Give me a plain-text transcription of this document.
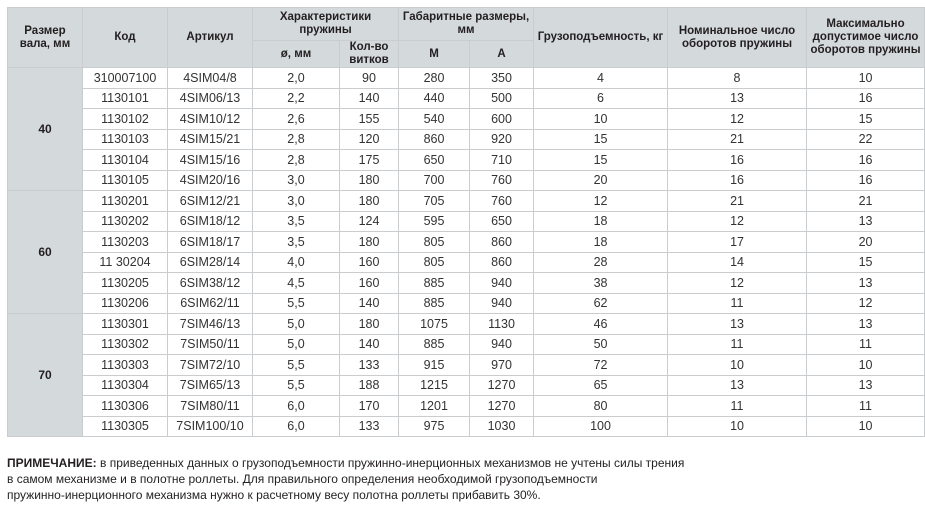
Размер вала, мм	Код	Артикул	Характеристики пружины		Габаритные размеры, мм		Грузоподъемность, кг	Номинальное число оборотов пружины	Максимально допустимое число оборотов пружины
			ø, мм	Кол-во витков	М	А			
40	310007100	4SIM04/8	2,0	90	280	350	4	8	10
	1130101	4SIM06/13	2,2	140	440	500	6	13	16
	1130102	4SIM10/12	2,6	155	540	600	10	12	15
	1130103	4SIM15/21	2,8	120	860	920	15	21	22
	1130104	4SIM15/16	2,8	175	650	710	15	16	16
	1130105	4SIM20/16	3,0	180	700	760	20	16	16
60	1130201	6SIM12/21	3,0	180	705	760	12	21	21
	1130202	6SIM18/12	3,5	124	595	650	18	12	13
	1130203	6SIM18/17	3,5	180	805	860	18	17	20
	11 30204	6SIM28/14	4,0	160	805	860	28	14	15
	1130205	6SIM38/12	4,5	160	885	940	38	12	13
	1130206	6SIM62/11	5,5	140	885	940	62	11	12
70	1130301	7SIM46/13	5,0	180	1075	1130	46	13	13
	1130302	7SIM50/11	5,0	140	885	940	50	11	11
	1130303	7SIM72/10	5,5	133	915	970	72	10	10
	1130304	7SIM65/13	5,5	188	1215	1270	65	13	13
	1130306	7SIM80/11	6,0	170	1201	1270	80	11	11
	1130305	7SIM100/10	6,0	133	975	1030	100	10	10
ПРИМЕЧАНИЕ: в приведенных данных о грузоподъемности пружинно-инерционных механизмов не учтены силы трения
в самом механизме и в полотне роллеты. Для правильного определения необходимой грузоподъемности
пружинно-инерционного механизма нужно к расчетному весу полотна роллеты прибавить 30%.
